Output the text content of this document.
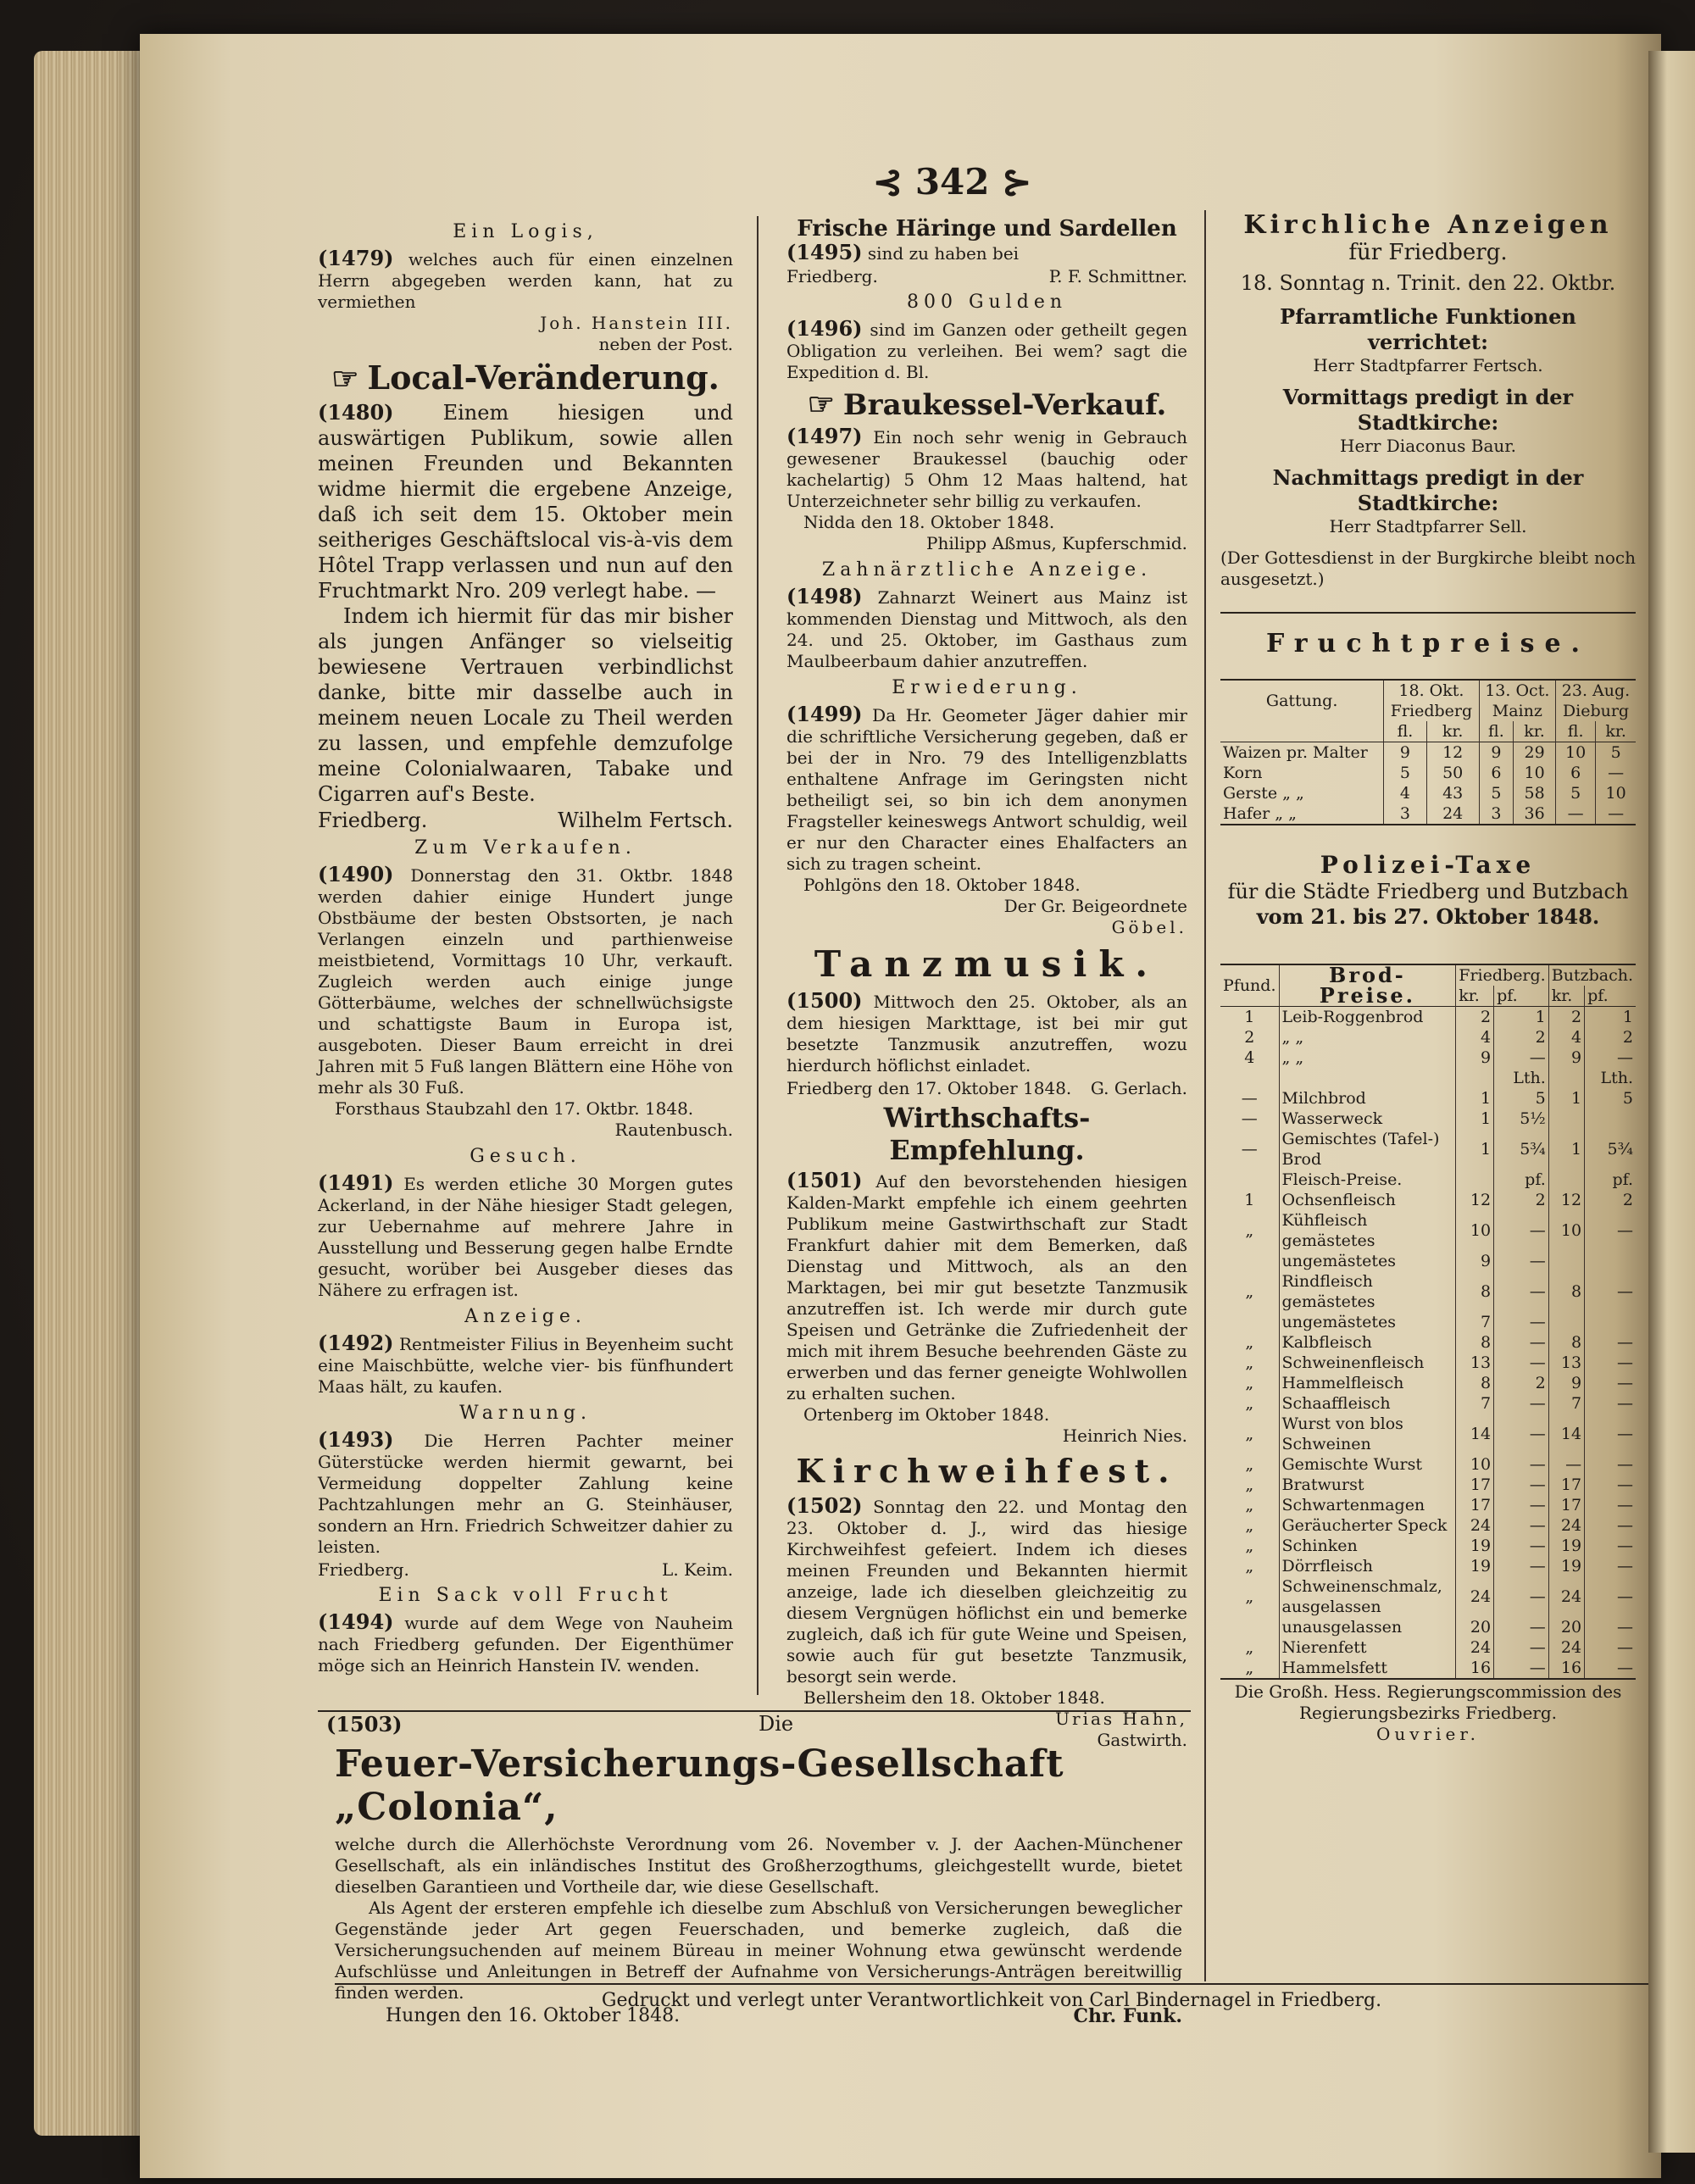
⊰ 342 ⊱
Ein Logis,

(1479) welches auch für einen einzelnen Herrn abgegeben werden kann, hat zu vermiethen

Joh. Hanstein III.
neben der Post.
☞ Local-Veränderung.

(1480) Einem hiesigen und auswärtigen Publikum, sowie allen meinen Freunden und Bekannten widme hiermit die ergebene Anzeige, daß ich seit dem 15. Oktober mein seitheriges Geschäftslocal vis-à-vis dem Hôtel Trapp verlassen und nun auf den Fruchtmarkt Nro. 209 verlegt habe. —

Indem ich hiermit für das mir bisher als jungen Anfänger so vielseitig bewiesene Vertrauen verbindlichst danke, bitte mir dasselbe auch in meinem neuen Locale zu Theil werden zu lassen, und empfehle demzufolge meine Colonialwaaren, Tabake und Cigarren auf's Beste.

Friedberg.	Wilhelm Fertsch.
Zum Verkaufen.

(1490) Donnerstag den 31. Oktbr. 1848 werden dahier einige Hundert junge Obstbäume der besten Obstsorten, je nach Verlangen einzeln und parthienweise meistbietend, Vormittags 10 Uhr, verkauft. Zugleich werden auch einige junge Götterbäume, welches der schnellwüchsigste und schattigste Baum in Europa ist, ausgeboten. Dieser Baum erreicht in drei Jahren mit 5 Fuß langen Blättern eine Höhe von mehr als 30 Fuß.

Forsthaus Staubzahl den 17. Oktbr. 1848.
Rautenbusch.
Gesuch.

(1491) Es werden etliche 30 Morgen gutes Ackerland, in der Nähe hiesiger Stadt gelegen, zur Uebernahme auf mehrere Jahre in Ausstellung und Besserung gegen halbe Erndte gesucht, worüber bei Ausgeber dieses das Nähere zu erfragen ist.

Anzeige.

(1492) Rentmeister Filius in Beyenheim sucht eine Maischbütte, welche vier- bis fünfhundert Maas hält, zu kaufen.

Warnung.

(1493) Die Herren Pachter meiner Güterstücke werden hiermit gewarnt, bei Vermeidung doppelter Zahlung keine Pachtzahlungen mehr an G. Steinhäuser, sondern an Hrn. Friedrich Schweitzer dahier zu leisten.

Friedberg.	L. Keim.
Ein Sack voll Frucht

(1494) wurde auf dem Wege von Nauheim nach Friedberg gefunden. Der Eigenthümer möge sich an Heinrich Hanstein IV. wenden.

Frische Häringe und Sardellen

(1495) sind zu haben bei

Friedberg.	P. F. Schmittner.
800 Gulden

(1496) sind im Ganzen oder getheilt gegen Obligation zu verleihen. Bei wem? sagt die Expedition d. Bl.

☞ Braukessel-Verkauf.

(1497) Ein noch sehr wenig in Gebrauch gewesener Braukessel (bauchig oder kachelartig) 5 Ohm 12 Maas haltend, hat Unterzeichneter sehr billig zu verkaufen.

Nidda den 18. Oktober 1848.
Philipp Aßmus, Kupferschmid.
Zahnärztliche Anzeige.

(1498) Zahnarzt Weinert aus Mainz ist kommenden Dienstag und Mittwoch, als den 24. und 25. Oktober, im Gasthaus zum Maulbeerbaum dahier anzutreffen.

Erwiederung.

(1499) Da Hr. Geometer Jäger dahier mir die schriftliche Versicherung gegeben, daß er bei der in Nro. 79 des Intelligenzblatts enthaltene Anfrage im Geringsten nicht betheiligt sei, so bin ich dem anonymen Fragsteller keineswegs Antwort schuldig, weil er nur den Character eines Ehalfacters an sich zu tragen scheint.

Pohlgöns den 18. Oktober 1848.
Der Gr. Beigeordnete
Göbel.
Tanzmusik.

(1500) Mittwoch den 25. Oktober, als an dem hiesigen Markttage, ist bei mir gut besetzte Tanzmusik anzutreffen, wozu hierdurch höflichst einladet.

Friedberg den 17. Oktober 1848. G. Gerlach.
Wirthschafts-Empfehlung.

(1501) Auf den bevorstehenden hiesigen Kalden-Markt empfehle ich einem geehrten Publikum meine Gastwirthschaft zur Stadt Frankfurt dahier mit dem Bemerken, daß Dienstag und Mittwoch, als an den Marktagen, bei mir gut besetzte Tanzmusik anzutreffen ist. Ich werde mir durch gute Speisen und Getränke die Zufriedenheit der mich mit ihrem Besuche beehrenden Gäste zu erwerben und das ferner geneigte Wohlwollen zu erhalten suchen.

Ortenberg im Oktober 1848.
Heinrich Nies.
Kirchweihfest.

(1502) Sonntag den 22. und Montag den 23. Oktober d. J., wird das hiesige Kirchweihfest gefeiert. Indem ich dieses meinen Freunden und Bekannten hiermit anzeige, lade ich dieselben gleichzeitig zu diesem Vergnügen höflichst ein und bemerke zugleich, daß ich für gute Weine und Speisen, sowie auch für gut besetzte Tanzmusik, besorgt sein werde.

Bellersheim den 18. Oktober 1848.
Urias Hahn,
Gastwirth.
Kirchliche Anzeigen
für Friedberg.
18. Sonntag n. Trinit. den 22. Oktbr.
Pfarramtliche Funktionen verrichtet:
Herr Stadtpfarrer Fertsch.
Vormittags predigt in der Stadtkirche:
Herr Diaconus Baur.
Nachmittags predigt in der Stadtkirche:
Herr Stadtpfarrer Sell.

(Der Gottesdienst in der Burgkirche bleibt noch ausgesetzt.)

Fruchtpreise.
Gattung.	18. Okt.		13. Oct.		23. Aug.	
	Friedberg		Mainz		Dieburg	
	fl.	kr.	fl.	kr.	fl.	kr.
Waizen pr. Malter	9	12	9	29	10	5
Korn	5	50	6	10	6	—
Gerste „ „	4	43	5	58	5	10
Hafer „ „	3	24	3	36	—	—
Polizei-Taxe
für die Städte Friedberg und Butzbach
vom 21. bis 27. Oktober 1848.
Pfund.	Brod-Preise.	Friedberg.		Butzbach.	
		kr.	pf.	kr.	pf.
1	Leib-Roggenbrod	2	1	2	1
2	„ „	4	2	4	2
4	„ „	9	—	9	—
			Lth.		Lth.
—	Milchbrod	1	5	1	5
—	Wasserweck	1	5½		
—	Gemischtes (Tafel-) Brod	1	5¾	1	5¾
	Fleisch-Preise.		pf.		pf.
1	Ochsenfleisch	12	2	12	2
„	Kühfleisch gemästetes	10	—	10	—
	ungemästetes	9	—		
„	Rindfleisch gemästetes	8	—	8	—
	ungemästetes	7	—		
„	Kalbfleisch	8	—	8	—
„	Schweinenfleisch	13	—	13	—
„	Hammelfleisch	8	2	9	—
„	Schaaffleisch	7	—	7	—
„	Wurst von blos Schweinen	14	—	14	—
„	Gemischte Wurst	10	—	—	—
„	Bratwurst	17	—	17	—
„	Schwartenmagen	17	—	17	—
„	Geräucherter Speck	24	—	24	—
„	Schinken	19	—	19	—
„	Dörrfleisch	19	—	19	—
„	Schweinenschmalz, ausgelassen	24	—	24	—
	unausgelassen	20	—	20	—
„	Nierenfett	24	—	24	—
„	Hammelsfett	16	—	16	—

Die Großh. Hess. Regierungscommission des Regierungsbezirks Friedberg.

Ouvrier.
(1503)	Die
Feuer-Versicherungs-Gesellschaft „Colonia“,

welche durch die Allerhöchste Verordnung vom 26. November v. J. der Aachen-Münchener Gesellschaft, als ein inländisches Institut des Großherzogthums, gleichgestellt wurde, bietet dieselben Garantieen und Vortheile dar, wie diese Gesellschaft.

Als Agent der ersteren empfehle ich dieselbe zum Abschluß von Versicherungen beweglicher Gegenstände jeder Art gegen Feuerschaden, und bemerke zugleich, daß die Versicherungsuchenden auf meinem Büreau in meiner Wohnung etwa gewünscht werdende Aufschlüsse und Anleitungen in Betreff der Aufnahme von Versicherungs-Anträgen bereitwillig finden werden.

Hungen den 16. Oktober 1848.	Chr. Funk.
Gedruckt und verlegt unter Verantwortlichkeit von Carl Bindernagel in Friedberg.
